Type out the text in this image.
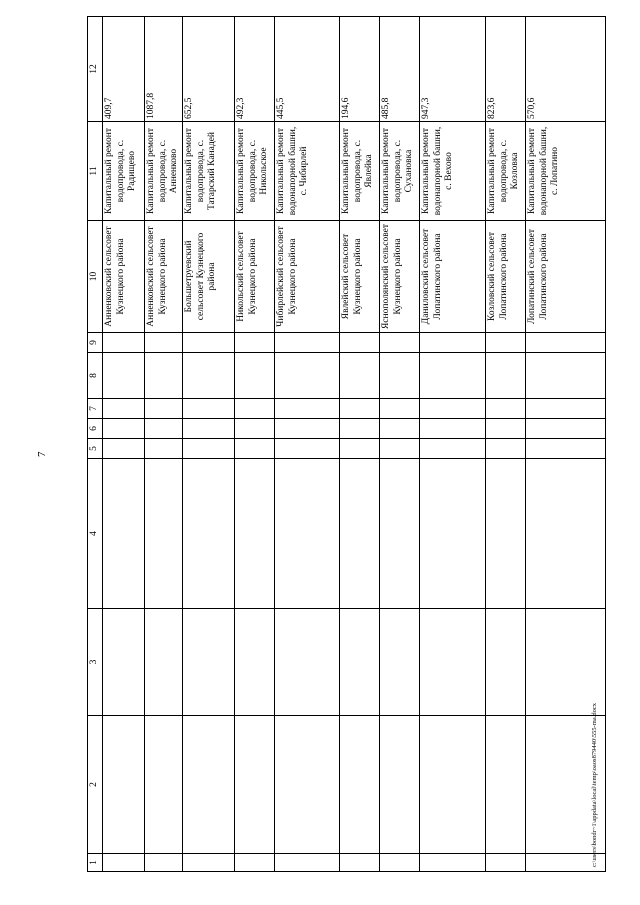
7
1	2	3	4	5	6	7	8	9	10	11	12
									Анненковский сельсовет Кузнецкого района	Капитальный ремонт водопровода, с. Радищево	409,7
									Анненковский сельсовет Кузнецкого района	Капитальный ремонт водопровода, с. Анненково	1087,8
									Большетруевский сельсовет Кузнецкого района	Капитальный ремонт водопровода, с. Татарский Канадей	652,5
									Никольский сельсовет Кузнецкого района	Капитальный ремонт водопровода, с. Никольское	492,3
									Чибирлейский сельсовет Кузнецкого района	Капитальный ремонт водонапорной башни, с. Чибирлей	445,5
									Явлейский сельсовет Кузнецкого района	Капитальный ремонт водопровода, с. Явлейка	194,6
									Яснополянский сельсовет Кузнецкого района	Капитальный ремонт водопровода, с. Сухановка	485,8
									Даниловский сельсовет Лопатинского района	Капитальный ремонт водонапорной башни, с. Вехово	947,3
									Козловский сельсовет Лопатинского района	Капитальный ремонт водопровода, с. Козловка	823,6
									Лопатинский сельсовет Лопатинского района	Капитальный ремонт водонапорной башни, с. Лопатино	570,6
c:\users\bondr~1\appdata\local\temp\oaos879440\555-ma.docx
